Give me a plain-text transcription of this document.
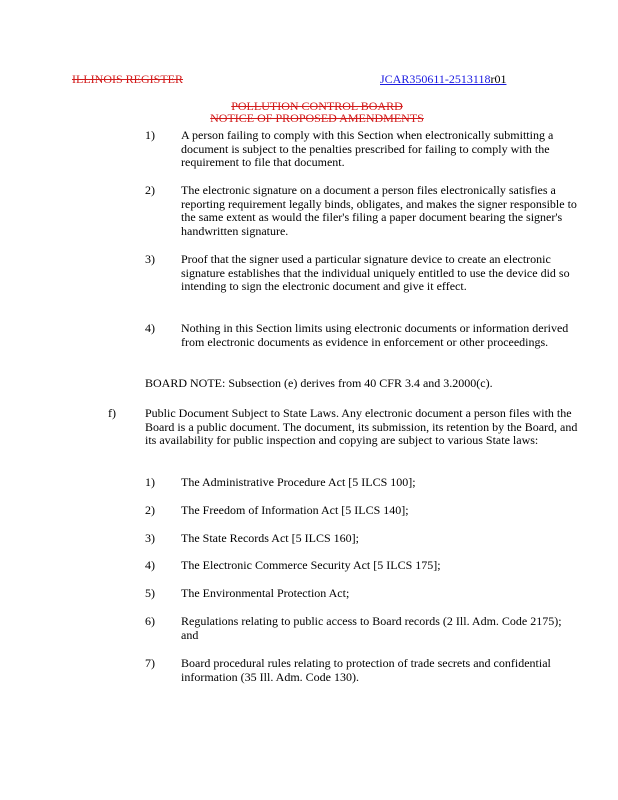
ILLINOIS REGISTER	JCAR350611-2513118r01
POLLUTION CONTROL BOARD
NOTICE OF PROPOSED AMENDMENTS
1) A person failing to comply with this Section when electronically submitting a document is subject to the penalties prescribed for failing to comply with the requirement to file that document.
2) The electronic signature on a document a person files electronically satisfies a reporting requirement legally binds, obligates, and makes the signer responsible to the same extent as would the filer's filing a paper document bearing the signer's handwritten signature.
3) Proof that the signer used a particular signature device to create an electronic signature establishes that the individual uniquely entitled to use the device did so intending to sign the electronic document and give it effect.
4) Nothing in this Section limits using electronic documents or information derived from electronic documents as evidence in enforcement or other proceedings.
BOARD NOTE: Subsection (e) derives from 40 CFR 3.4 and 3.2000(c).
f) Public Document Subject to State Laws. Any electronic document a person files with the Board is a public document. The document, its submission, its retention by the Board, and its availability for public inspection and copying are subject to various State laws:
1) The Administrative Procedure Act [5 ILCS 100];
2) The Freedom of Information Act [5 ILCS 140];
3) The State Records Act [5 ILCS 160];
4) The Electronic Commerce Security Act [5 ILCS 175];
5) The Environmental Protection Act;
6) Regulations relating to public access to Board records (2 Ill. Adm. Code 2175); and
7) Board procedural rules relating to protection of trade secrets and confidential information (35 Ill. Adm. Code 130).
